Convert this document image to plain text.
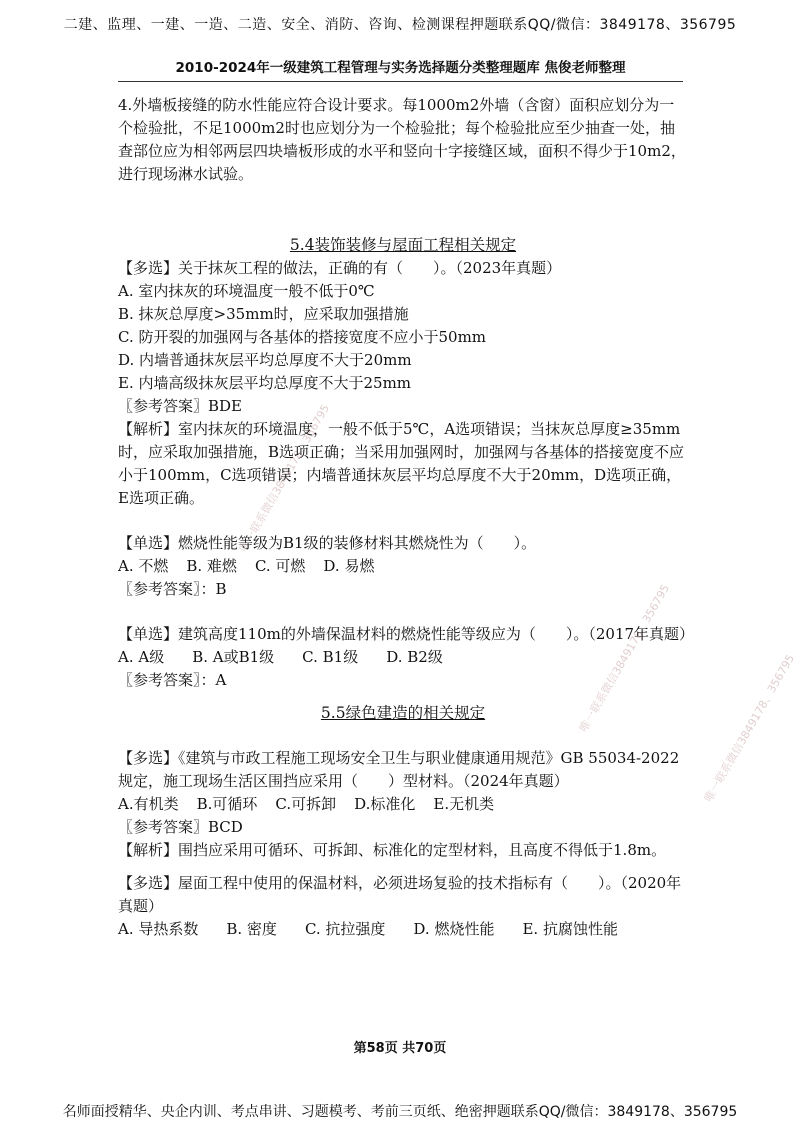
二建、监理、一建、一造、二造、安全、消防、咨询、检测课程押题联系QQ/微信：3849178、356795
2010-2024年一级建筑工程管理与实务选择题分类整理题库 焦俊老师整理
唯一联系微信3849178、356795
唯一联系微信3849178、356795	唯一联系微信3849178、356795

4.外墙板接缝的防水性能应符合设计要求。每1000m2外墙（含窗）面积应划分为一个检验批，不足1000m2时也应划分为一个检验批；每个检验批应至少抽查一处，抽查部位应为相邻两层四块墙板形成的水平和竖向十字接缝区域，面积不得少于10m2，进行现场淋水试验。

5.4装饰装修与屋面工程相关规定

【多选】关于抹灰工程的做法，正确的有（　　）。（2023年真题）

A. 室内抹灰的环境温度一般不低于0℃

B. 抹灰总厚度>35mm时，应采取加强措施

C. 防开裂的加强网与各基体的搭接宽度不应小于50mm

D. 内墙普通抹灰层平均总厚度不大于20mm

E. 内墙高级抹灰层平均总厚度不大于25mm

〖参考答案〗BDE

【解析】室内抹灰的环境温度，一般不低于5℃，A选项错误；当抹灰总厚度≥35mm时，应采取加强措施，B选项正确；当采用加强网时，加强网与各基体的搭接宽度不应小于100mm，C选项错误；内墙普通抹灰层平均总厚度不大于20mm，D选项正确，E选项正确。

【单选】燃烧性能等级为B1级的装修材料其燃烧性为（　　）。

A. 不燃 B. 难燃 C. 可燃 D. 易燃

〖参考答案〗：B

【单选】建筑高度110m的外墙保温材料的燃烧性能等级应为（　　）。（2017年真题）

A. A级 B. A或B1级 C. B1级 D. B2级

〖参考答案〗：A

5.5绿色建造的相关规定

【多选】《建筑与市政工程施工现场安全卫生与职业健康通用规范》GB 55034-2022规定，施工现场生活区围挡应采用（　　）型材料。（2024年真题）

A.有机类 B.可循环 C.可拆卸 D.标准化 E.无机类

〖参考答案〗BCD

【解析】围挡应采用可循环、可拆卸、标准化的定型材料，且高度不得低于1.8m。

【多选】屋面工程中使用的保温材料，必须进场复验的技术指标有（　　）。（2020年真题）

A. 导热系数 B. 密度 C. 抗拉强度 D. 燃烧性能 E. 抗腐蚀性能
第58页 共70页
名师面授精华、央企内训、考点串讲、习题模考、考前三页纸、绝密押题联系QQ/微信：3849178、356795
